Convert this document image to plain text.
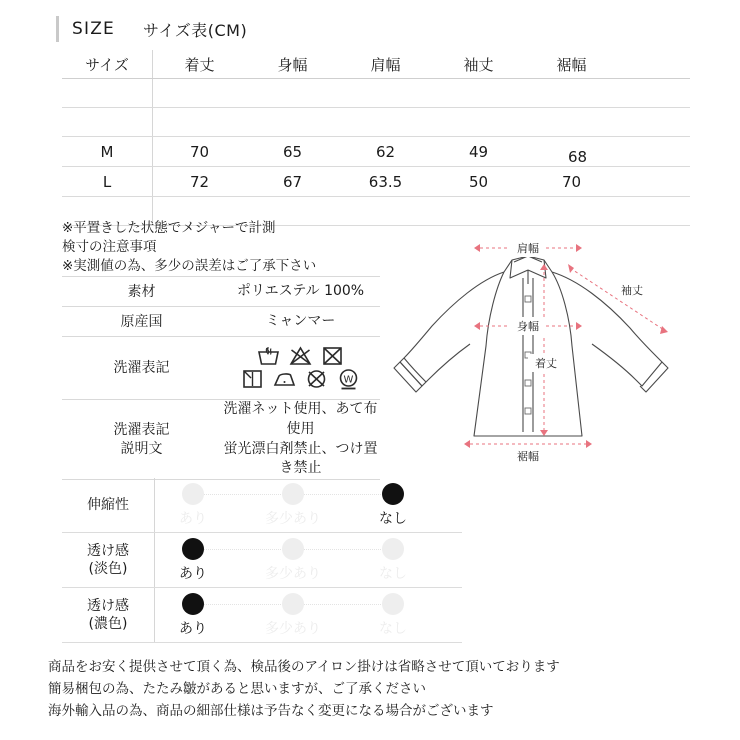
SIZE サイズ表(CM)
サイズ	着丈	身幅	肩幅	袖丈	裾幅	

M	70	65	62	49	68	
L	72	67	63.5	50	70	

※平置きした状態でメジャーで計測
検寸の注意事項
※実測値の為、多少の誤差はご了承下さい	

素材	ポリエステル 100%
原産国	ミャンマー
洗濯表記	W

洗濯表記
説明文	洗濯ネット使用、あて布使用
蛍光漂白剤禁止、つけ置き禁止
伸縮性	あり 多少あり なし

透け感
(淡色)	あり	多少あり	なし

透け感
(濃色)	あり	多少あり	なし
肩幅
身幅
着丈
裾幅
袖丈
商品をお安く提供させて頂く為、検品後のアイロン掛けは省略させて頂いております
簡易梱包の為、たたみ皺があると思いますが、ご了承ください
海外輸入品の為、商品の細部仕様は予告なく変更になる場合がございます
